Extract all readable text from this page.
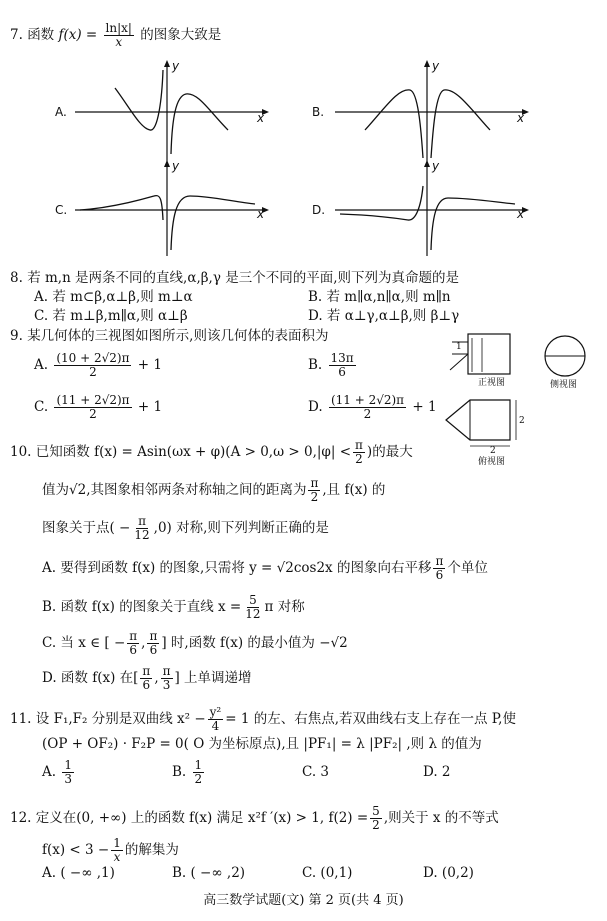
7. 函数 $f(x) = \frac{\ln|x|}{x}$ 的图象大致是
A.	x
y
B.	x
y
C.	x
y
D.	x
y
8. 若 m,n 是两条不同的直线,α,β,γ 是三个不同的平面,则下列为真命题的是
A. 若 m⊂β,α⊥β,则 m⊥α	B. 若 m∥α,n∥α,则 m∥n
C. 若 m⊥β,m∥α,则 α⊥β	D. 若 α⊥γ,α⊥β,则 β⊥γ
9. 某几何体的三视图如图所示,则该几何体的表面积为
A. $\frac{(10 + 2√2)\pi}{2} + 1$	B. $\frac{13\pi}{6}$
C. $\frac{(11 + 2√2)\pi}{2} + 1$	D. $\frac{(11 + 2√2)\pi}{2} + 1$
1
正视图	侧视图
2
2
俯视图
10. 已知函数 $f(x) = Asin(\omega x + \varphi)(A > 0,\omega > 0,|\varphi| < \frac{\pi}{2}$ )的最大
值为√2,其图象相邻两条对称轴之间的距离为 $\frac{\pi}{2}$ ,且 f(x) 的
图象关于点( − $\frac{\pi}{12} ,0$) 对称,则下列判断正确的是
A. 要得到函数 f(x) 的图象,只需将 y = √2cos2x 的图象向右平移 $\frac{\pi}{6}$ 个单位
B. 函数 f(x) 的图象关于直线 $x = \frac{5}{12}$ π 对称
C. 当 x ∈ [ − $\frac{\pi}{6}$ , $\frac{\pi}{6}$ ] 时,函数 f(x) 的最小值为 −√2
D. 函数 f(x) 在[ $\frac{\pi}{6}$ , $\frac{\pi}{3}$ ] 上单调递增
11. 设 F₁,F₂ 分别是双曲线 $x^2 - \frac{\text{y²}}{4} = 1$ 的左、右焦点,若双曲线右支上存在一点 P,使
(OP + OF₂) · F₂P = 0( O 为坐标原点),且 |PF₁| = λ |PF₂| ,则 λ 的值为
A. $\frac{1}{3}$	B. $\frac{1}{2}$	C. 3	D. 2
12. 定义在(0, +∞) 上的函数 f(x) 满足 x²f ′(x) > 1, $f(2) = \frac{5}{2}$ ,则关于 x 的不等式
$f(x) < 3 - \frac{1}{x}$ 的解集为
A. ( −∞ ,1)	B. ( −∞ ,2)	C. (0,1)	D. (0,2)
高三数学试题(文) 第 2 页(共 4 页)
